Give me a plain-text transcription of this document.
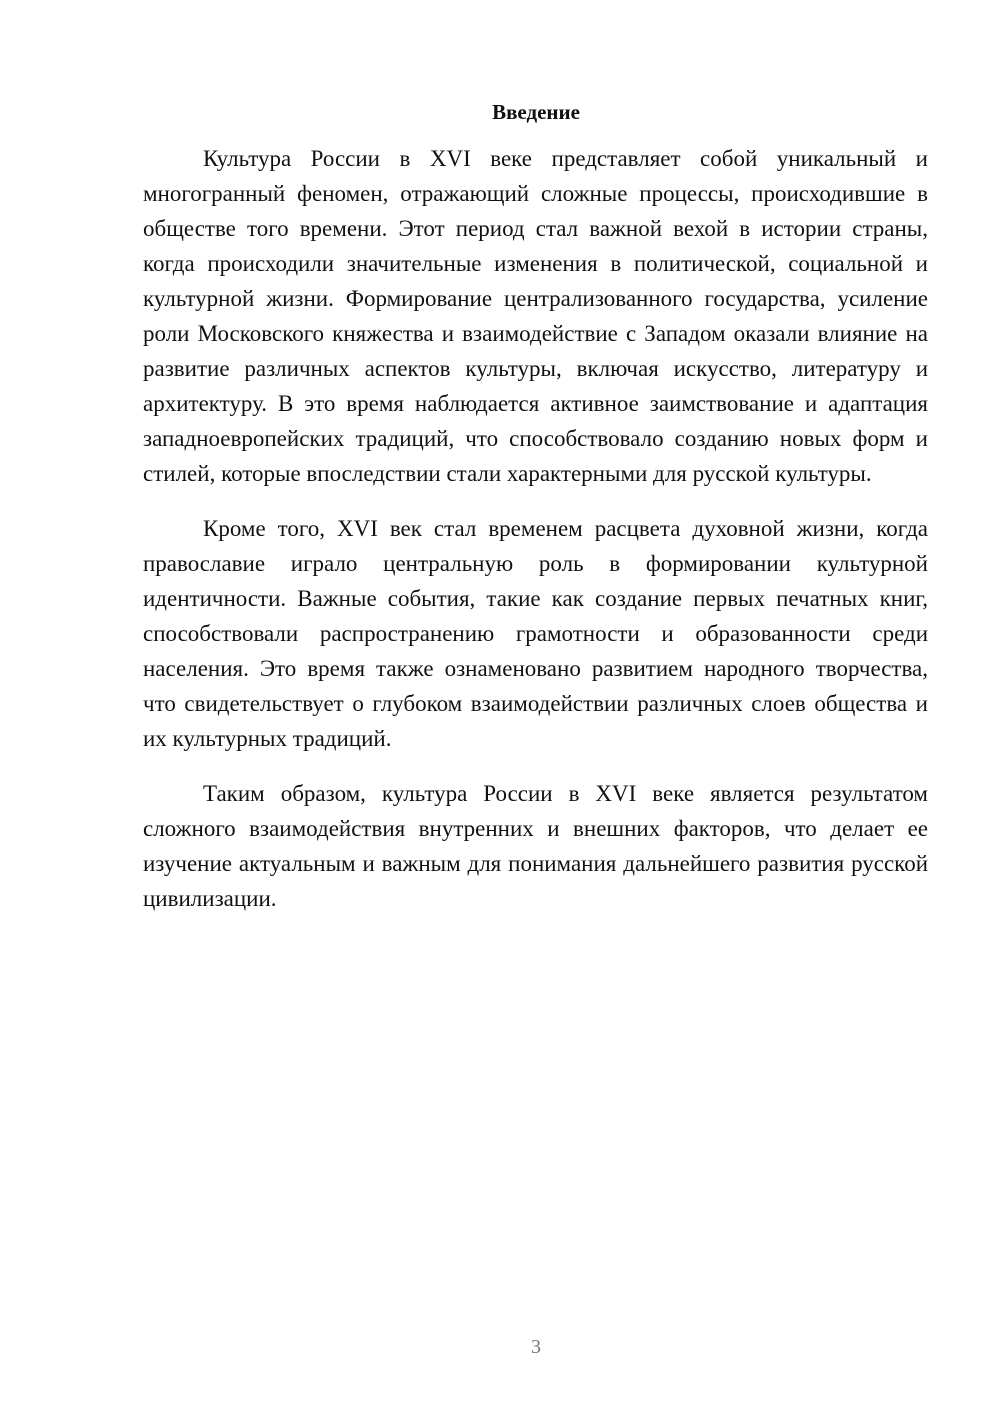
Введение

Культура России в XVI веке представляет собой уникальный и многогранный феномен, отражающий сложные процессы, происходившие в обществе того времени. Этот период стал важной вехой в истории страны, когда происходили значительные изменения в политической, социальной и культурной жизни. Формирование централизованного государства, усиление роли Московского княжества и взаимодействие с Западом оказали влияние на развитие различных аспектов культуры, включая искусство, литературу и архитектуру. В это время наблюдается активное заимствование и адаптация западноевропейских традиций, что способствовало созданию новых форм и стилей, которые впоследствии стали характерными для русской культуры.

Кроме того, XVI век стал временем расцвета духовной жизни, когда православие играло центральную роль в формировании культурной идентичности. Важные события, такие как создание первых печатных книг, способствовали распространению грамотности и образованности среди населения. Это время также ознаменовано развитием народного творчества, что свидетельствует о глубоком взаимодействии различных слоев общества и их культурных традиций.

Таким образом, культура России в XVI веке является результатом сложного взаимодействия внутренних и внешних факторов, что делает ее изучение актуальным и важным для понимания дальнейшего развития русской цивилизации.

3
